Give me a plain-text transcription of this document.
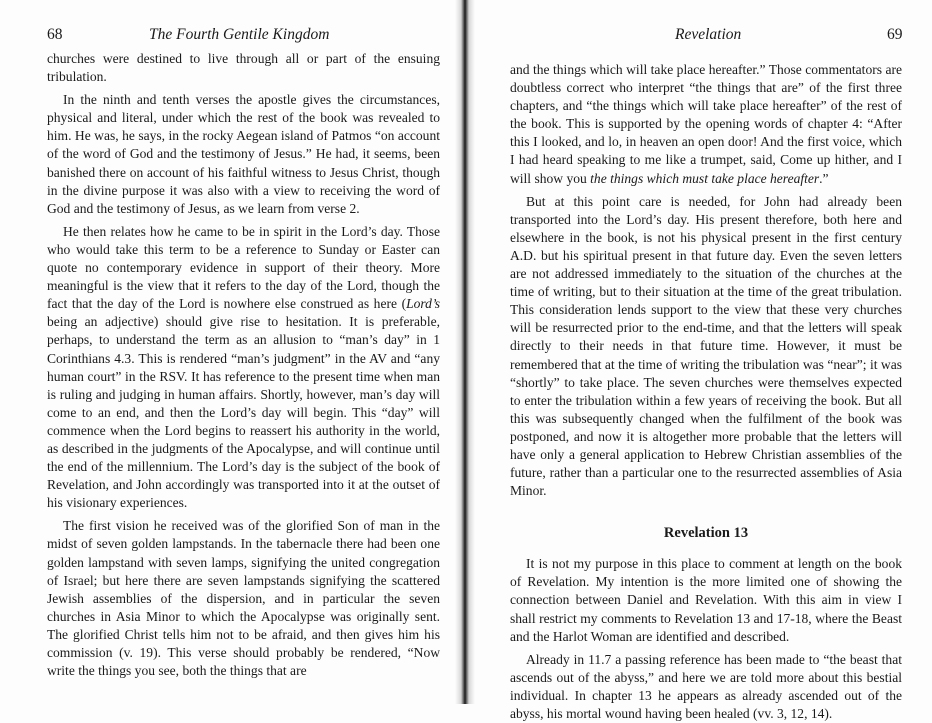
68	The Fourth Gentile Kingdom

churches were destined to live through all or part of the ensuing tribulation.

In the ninth and tenth verses the apostle gives the circumstances, physical and literal, under which the rest of the book was revealed to him. He was, he says, in the rocky Aegean island of Patmos “on account of the word of God and the testimony of Jesus.” He had, it seems, been banished there on account of his faithful witness to Jesus Christ, though in the divine purpose it was also with a view to receiving the word of God and the testimony of Jesus, as we learn from verse 2.

He then relates how he came to be in spirit in the Lord’s day. Those who would take this term to be a reference to Sunday or Easter can quote no contemporary evidence in support of their theory. More meaningful is the view that it refers to the day of the Lord, though the fact that the day of the Lord is nowhere else construed as here (Lord’s being an adjective) should give rise to hesitation. It is preferable, perhaps, to understand the term as an allusion to “man’s day” in 1 Corinthians 4.3. This is rendered “man’s judgment” in the AV and “any human court” in the RSV. It has reference to the present time when man is ruling and judging in human affairs. Shortly, however, man’s day will come to an end, and then the Lord’s day will begin. This “day” will commence when the Lord begins to reassert his authority in the world, as described in the judgments of the Apocalypse, and will continue until the end of the millennium. The Lord’s day is the subject of the book of Revelation, and John accordingly was transported into it at the outset of his visionary experiences.

The first vision he received was of the glorified Son of man in the midst of seven golden lampstands. In the tabernacle there had been one golden lampstand with seven lamps, signifying the united congregation of Israel; but here there are seven lampstands signifying the scattered Jewish assemblies of the dispersion, and in particular the seven churches in Asia Minor to which the Apocalypse was originally sent. The glorified Christ tells him not to be afraid, and then gives him his commission (v. 19). This verse should probably be rendered, “Now write the things you see, both the things that are

Revelation	69

and the things which will take place hereafter.” Those commentators are doubtless correct who interpret “the things that are” of the first three chapters, and “the things which will take place hereafter” of the rest of the book. This is supported by the opening words of chapter 4: “After this I looked, and lo, in heaven an open door! And the first voice, which I had heard speaking to me like a trumpet, said, Come up hither, and I will show you the things which must take place hereafter.”

But at this point care is needed, for John had already been transported into the Lord’s day. His present therefore, both here and elsewhere in the book, is not his physical present in the first century A.D. but his spiritual present in that future day. Even the seven letters are not addressed immediately to the situation of the churches at the time of writing, but to their situation at the time of the great tribulation. This consideration lends support to the view that these very churches will be resurrected prior to the end-time, and that the letters will speak directly to their needs in that future time. However, it must be remembered that at the time of writing the tribulation was “near”; it was “shortly” to take place. The seven churches were themselves expected to enter the tribulation within a few years of receiving the book. But all this was subsequently changed when the fulfilment of the book was postponed, and now it is altogether more probable that the letters will have only a general application to Hebrew Christian assemblies of the future, rather than a particular one to the resurrected assemblies of Asia Minor.

Revelation 13

It is not my purpose in this place to comment at length on the book of Revelation. My intention is the more limited one of showing the connection between Daniel and Revelation. With this aim in view I shall restrict my comments to Revelation 13 and 17-18, where the Beast and the Harlot Woman are identified and described.

Already in 11.7 a passing reference has been made to “the beast that ascends out of the abyss,” and here we are told more about this bestial individual. In chapter 13 he appears as already ascended out of the abyss, his mortal wound having been healed (vv. 3, 12, 14).
